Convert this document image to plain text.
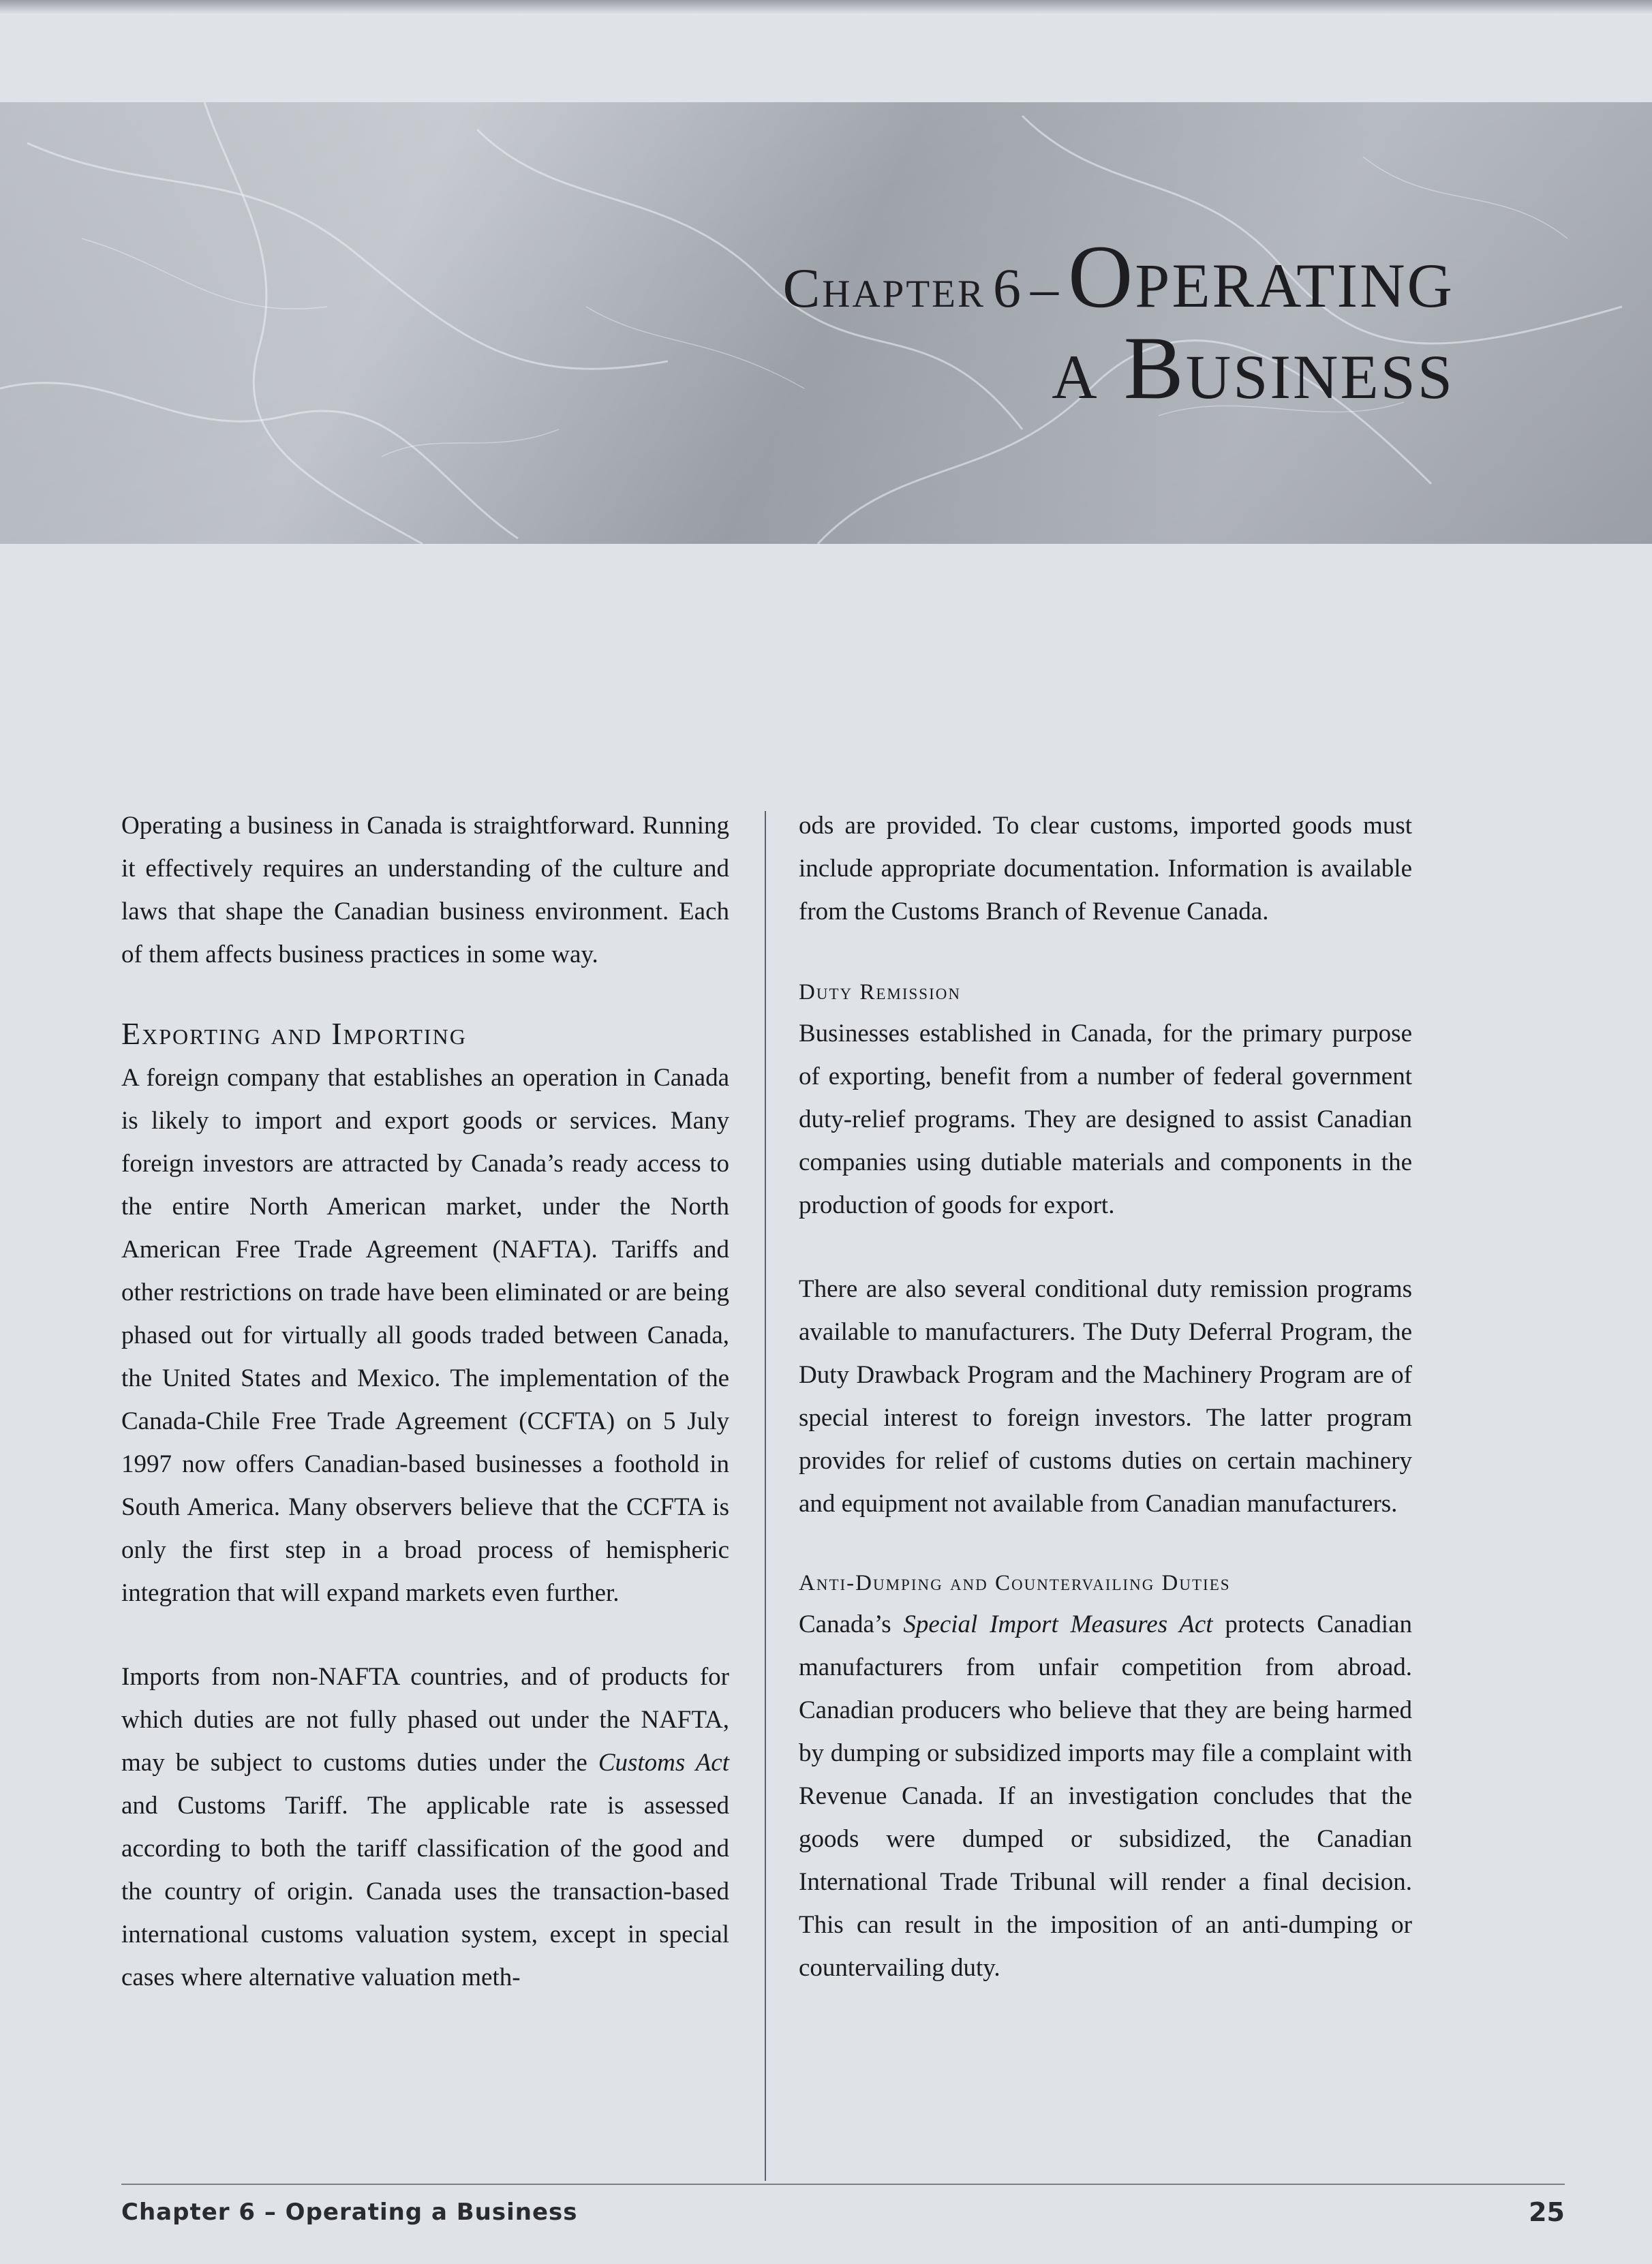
Chapter 6 – Operating
a Business

Operating a business in Canada is straightforward. Running it effectively requires an understanding of the culture and laws that shape the Canadian business environment. Each of them affects business practices in some way.

Exporting and Importing

A foreign company that establishes an operation in Canada is likely to import and export goods or services. Many foreign investors are attracted by Canada’s ready access to the entire North American market, under the North American Free Trade Agreement (NAFTA). Tariffs and other restrictions on trade have been eliminated or are being phased out for virtually all goods traded between Canada, the United States and Mexico. The implementation of the Canada-Chile Free Trade Agreement (CCFTA) on 5 July 1997 now offers Canadian-based businesses a foothold in South America. Many observers believe that the CCFTA is only the first step in a broad process of hemispheric integration that will expand markets even further.

Imports from non-NAFTA countries, and of products for which duties are not fully phased out under the NAFTA, may be subject to customs duties under the Customs Act and Customs Tariff. The applicable rate is assessed according to both the tariff classification of the good and the country of origin. Canada uses the transaction-based international customs valuation system, except in special cases where alternative valuation meth-

ods are provided. To clear customs, imported goods must include appropriate documentation. Information is available from the Customs Branch of Revenue Canada.

Duty Remission

Businesses established in Canada, for the primary purpose of exporting, benefit from a number of federal government duty-relief programs. They are designed to assist Canadian companies using dutiable materials and components in the production of goods for export.

There are also several conditional duty remission programs available to manufacturers. The Duty Deferral Program, the Duty Drawback Program and the Machinery Program are of special interest to foreign investors. The latter program provides for relief of customs duties on certain machinery and equipment not available from Canadian manufacturers.

Anti-Dumping and Countervailing Duties

Canada’s Special Import Measures Act protects Canadian manufacturers from unfair competition from abroad. Canadian producers who believe that they are being harmed by dumping or subsidized imports may file a complaint with Revenue Canada. If an investigation concludes that the goods were dumped or subsidized, the Canadian International Trade Tribunal will render a final decision. This can result in the imposition of an anti-dumping or countervailing duty.

Chapter 6 – Operating a Business	25
